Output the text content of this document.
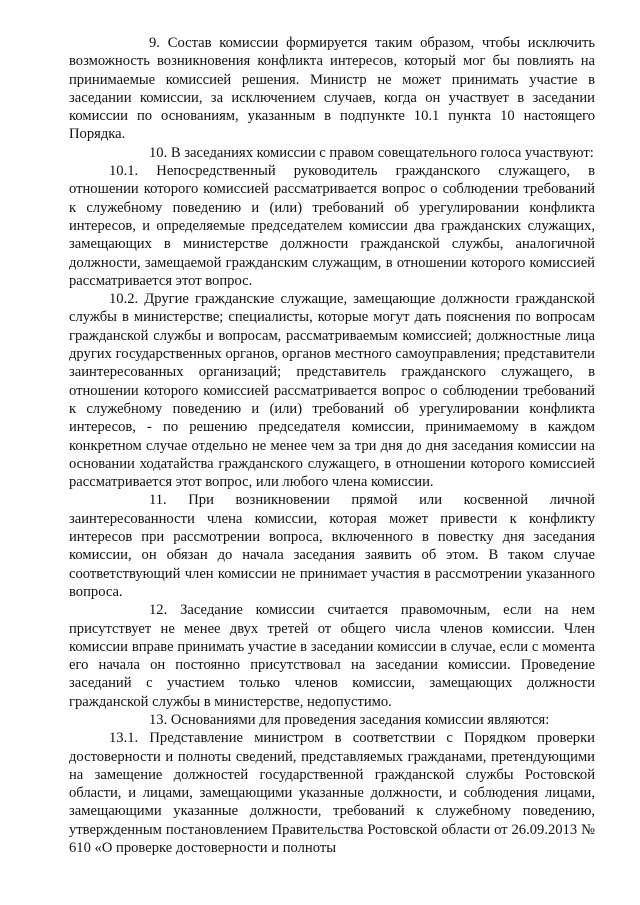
9. Состав комиссии формируется таким образом, чтобы исключить возможность возникновения конфликта интересов, который мог бы повлиять на принимаемые комиссией решения. Министр не может принимать участие в заседании комиссии, за исключением случаев, когда он участвует в заседании комиссии по основаниям, указанным в подпунктe 10.1 пункта 10 настоящего Порядка.

10. В заседаниях комиссии с правом совещательного голоса участвуют:

10.1. Непосредственный руководитель гражданского служащего, в отношении которого комиссией рассматривается вопрос о соблюдении требований к служебному поведению и (или) требований об урегулировании конфликта интересов, и определяемые председателем комиссии два гражданских служащих, замещающих в министерстве должности гражданской службы, аналогичной должности, замещаемой гражданским служащим, в отношении которого комиссией рассматривается этот вопрос.

10.2. Другие гражданские служащие, замещающие должности гражданской службы в министерстве; специалисты, которые могут дать пояснения по вопросам гражданской службы и вопросам, рассматриваемым комиссией; должностные лица других государственных органов, органов местного самоуправления; представители заинтересованных организаций; представитель гражданского служащего, в отношении которого комиссией рассматривается вопрос о соблюдении требований к служебному поведению и (или) требований об урегулировании конфликта интересов, - по решению председателя комиссии, принимаемому в каждом конкретном случае отдельно не менее чем за три дня до дня заседания комиссии на основании ходатайства гражданского служащего, в отношении которого комиссией рассматривается этот вопрос, или любого члена комиссии.

11. При возникновении прямой или косвенной личной заинтересованности члена комиссии, которая может привести к конфликту интересов при рассмотрении вопроса, включенного в повестку дня заседания комиссии, он обязан до начала заседания заявить об этом. В таком случае соответствующий член комиссии не принимает участия в рассмотрении указанного вопроса.

12. Заседание комиссии считается правомочным, если на нем присутствует не менее двух третей от общего числа членов комиссии. Член комиссии вправе принимать участие в заседании комиссии в случае, если с момента его начала он постоянно присутствовал на заседании комиссии. Проведение заседаний с участием только членов комиссии, замещающих должности гражданской службы в министерстве, недопустимо.

13. Основаниями для проведения заседания комиссии являются:

13.1. Представление министром в соответствии с Порядком проверки достоверности и полноты сведений, представляемых гражданами, претендующими на замещение должностей государственной гражданской службы Ростовской области, и лицами, замещающими указанные должности, и соблюдения лицами, замещающими указанные должности, требований к служебному поведению, утвержденным постановлением Правительства Ростовской области от 26.09.2013 № 610 «О проверке достоверности и полноты
